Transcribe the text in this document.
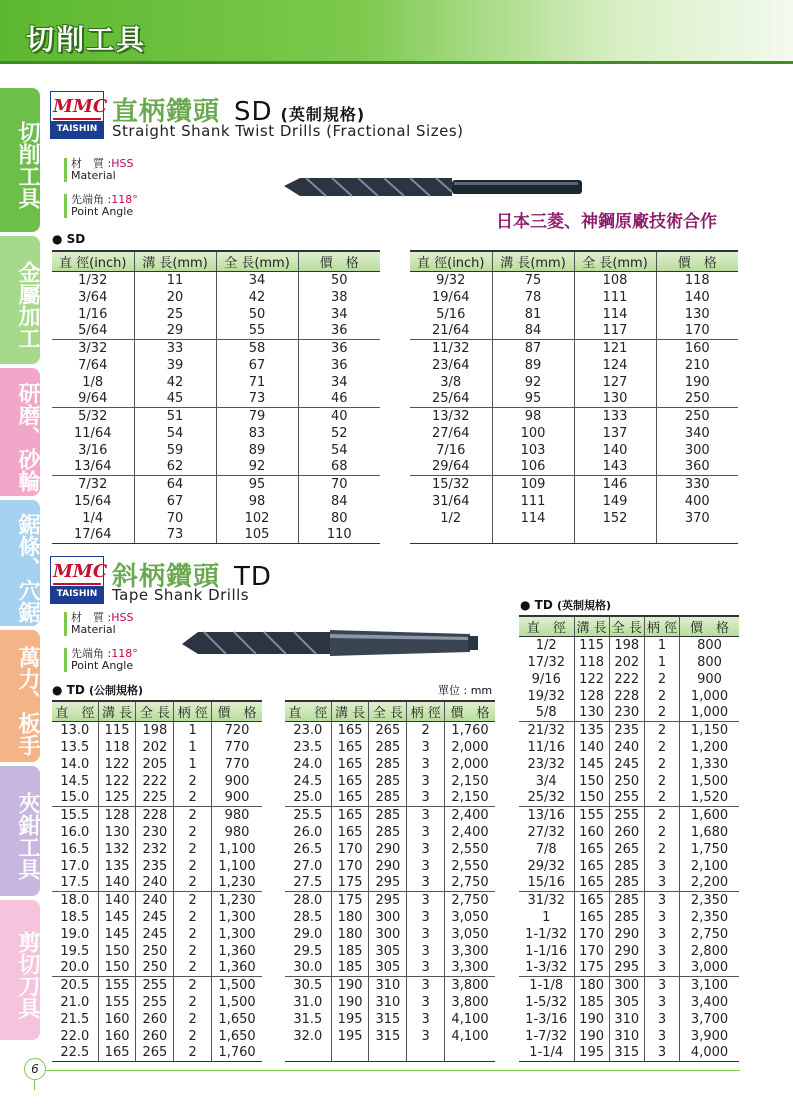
切削工具
切削工具
金屬加工
研磨、砂輪
鋸條、穴鋸
萬力、板手
夾鉗工具
剪切刀具
MMC
TAISHIN
直柄鑽頭 SD (英制規格)
Straight Shank Twist Drills (Fractional Sizes)
材　質 :HSS
Material
先端角 :118°
Point Angle
日本三菱、神鋼原廠技術合作
● SD
直 徑(inch)	溝 長(mm)	全 長(mm)	價　格
1/32	11	34	50
3/64	20	42	38
1/16	25	50	34
5/64	29	55	36
3/32	33	58	36
7/64	39	67	36
1/8	42	71	34
9/64	45	73	46
5/32	51	79	40
11/64	54	83	52
3/16	59	89	54
13/64	62	92	68
7/32	64	95	70
15/64	67	98	84
1/4	70	102	80
17/64	73	105	110
直 徑(inch)	溝 長(mm)	全 長(mm)	價　格
9/32	75	108	118
19/64	78	111	140
5/16	81	114	130
21/64	84	117	170
11/32	87	121	160
23/64	89	124	210
3/8	92	127	190
25/64	95	130	250
13/32	98	133	250
27/64	100	137	340
7/16	103	140	300
29/64	106	143	360
15/32	109	146	330
31/64	111	149	400
1/2	114	152	370

MMC
TAISHIN
斜柄鑽頭 TD
Tape Shank Drills
材　質 :HSS
Material
先端角 :118°
Point Angle
● TD (公制規格)	單位 : mm
● TD (英制規格)
直　徑	溝 長	全 長	柄 徑	價　格
13.0	115	198	1	720
13.5	118	202	1	770
14.0	122	205	1	770
14.5	122	222	2	900
15.0	125	225	2	900
15.5	128	228	2	980
16.0	130	230	2	980
16.5	132	232	2	1,100
17.0	135	235	2	1,100
17.5	140	240	2	1,230
18.0	140	240	2	1,230
18.5	145	245	2	1,300
19.0	145	245	2	1,300
19.5	150	250	2	1,360
20.0	150	250	2	1,360
20.5	155	255	2	1,500
21.0	155	255	2	1,500
21.5	160	260	2	1,650
22.0	160	260	2	1,650
22.5	165	265	2	1,760
直　徑	溝 長	全 長	柄 徑	價　格
23.0	165	265	2	1,760
23.5	165	285	3	2,000
24.0	165	285	3	2,000
24.5	165	285	3	2,150
25.0	165	285	3	2,150
25.5	165	285	3	2,400
26.0	165	285	3	2,400
26.5	170	290	3	2,550
27.0	170	290	3	2,550
27.5	175	295	3	2,750
28.0	175	295	3	2,750
28.5	180	300	3	3,050
29.0	180	300	3	3,050
29.5	185	305	3	3,300
30.0	185	305	3	3,300
30.5	190	310	3	3,800
31.0	190	310	3	3,800
31.5	195	315	3	4,100
32.0	195	315	3	4,100

直　徑	溝 長	全 長	柄 徑	價　格
1/2	115	198	1	800
17/32	118	202	1	800
9/16	122	222	2	900
19/32	128	228	2	1,000
5/8	130	230	2	1,000
21/32	135	235	2	1,150
11/16	140	240	2	1,200
23/32	145	245	2	1,330
3/4	150	250	2	1,500
25/32	150	255	2	1,520
13/16	155	255	2	1,600
27/32	160	260	2	1,680
7/8	165	265	2	1,750
29/32	165	285	3	2,100
15/16	165	285	3	2,200
31/32	165	285	3	2,350
1	165	285	3	2,350
1-1/32	170	290	3	2,750
1-1/16	170	290	3	2,800
1-3/32	175	295	3	3,000
1-1/8	180	300	3	3,100
1-5/32	185	305	3	3,400
1-3/16	190	310	3	3,700
1-7/32	190	310	3	3,900
1-1/4	195	315	3	4,000
6
